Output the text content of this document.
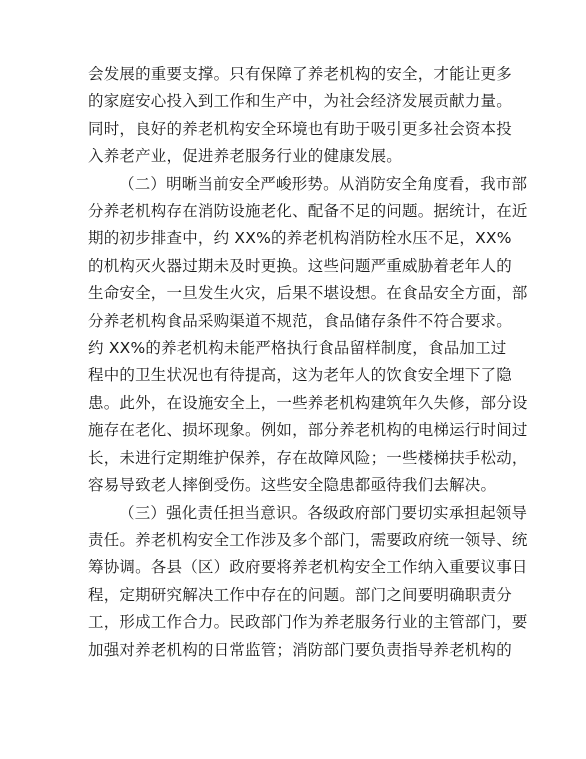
会发展的重要支撑。只有保障了养老机构的安全，才能让更多
的家庭安心投入到工作和生产中，为社会经济发展贡献力量。
同时，良好的养老机构安全环境也有助于吸引更多社会资本投
入养老产业，促进养老服务行业的健康发展。

（二）明晰当前安全严峻形势。从消防安全角度看，我市部
分养老机构存在消防设施老化、配备不足的问题。据统计，在近
期的初步排查中，约 XX%的养老机构消防栓水压不足，XX%
的机构灭火器过期未及时更换。这些问题严重威胁着老年人的
生命安全，一旦发生火灾，后果不堪设想。在食品安全方面，部
分养老机构食品采购渠道不规范，食品储存条件不符合要求。
约 XX%的养老机构未能严格执行食品留样制度，食品加工过
程中的卫生状况也有待提高，这为老年人的饮食安全埋下了隐
患。此外，在设施安全上，一些养老机构建筑年久失修，部分设
施存在老化、损坏现象。例如，部分养老机构的电梯运行时间过
长，未进行定期维护保养，存在故障风险；一些楼梯扶手松动，
容易导致老人摔倒受伤。这些安全隐患都亟待我们去解决。

（三）强化责任担当意识。各级政府部门要切实承担起领导
责任。养老机构安全工作涉及多个部门，需要政府统一领导、统
筹协调。各县（区）政府要将养老机构安全工作纳入重要议事日
程，定期研究解决工作中存在的问题。部门之间要明确职责分
工，形成工作合力。民政部门作为养老服务行业的主管部门，要
加强对养老机构的日常监管；消防部门要负责指导养老机构的
